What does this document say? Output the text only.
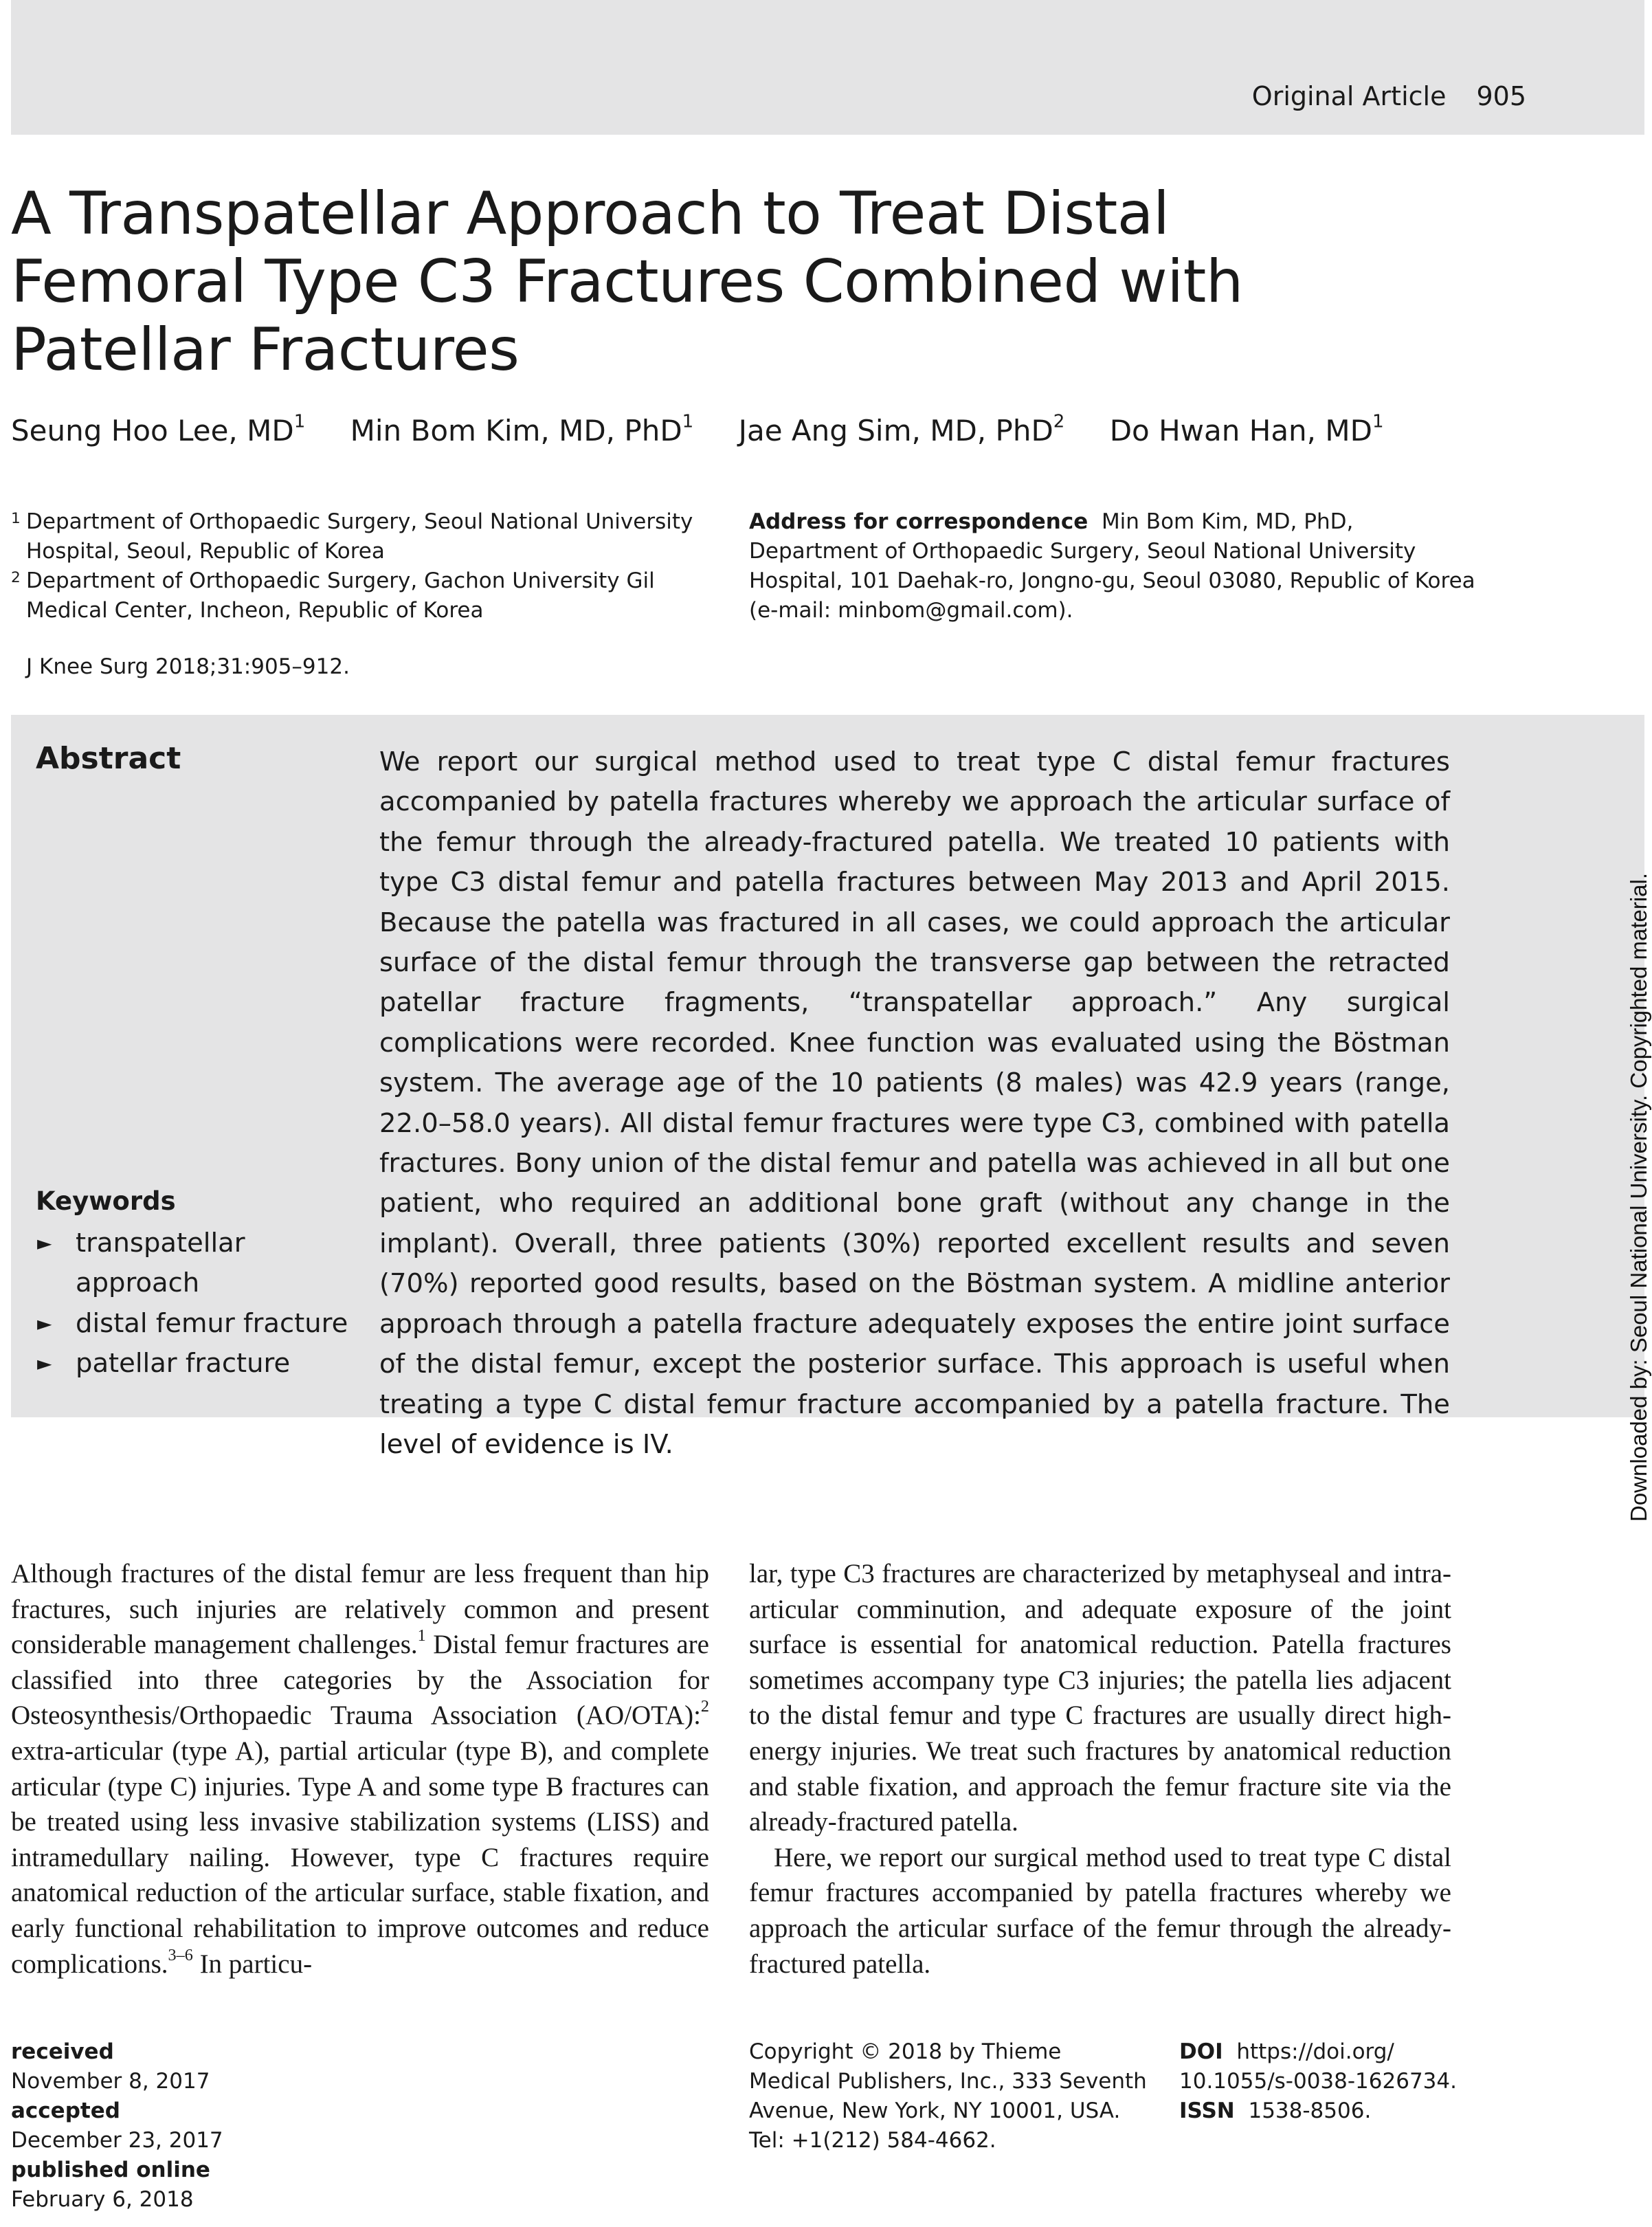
Original Article 905
A Transpatellar Approach to Treat Distal Femoral Type C3 Fractures Combined with Patellar Fractures
Seung Hoo Lee, $MD^1$ Min Bom Kim, MD, PhD$^1$ Jae Ang Sim, MD, PhD$^2$ Do Hwan Han, $MD^1$
1 Department of Orthopaedic Surgery, Seoul National University Hospital, Seoul, Republic of Korea
2 Department of Orthopaedic Surgery, Gachon University Gil Medical Center, Incheon, Republic of Korea
Address for correspondence Min Bom Kim, MD, PhD, Department of Orthopaedic Surgery, Seoul National University Hospital, 101 Daehak-ro, Jongno-gu, Seoul 03080, Republic of Korea (e-mail: minbom@gmail.com).
J Knee Surg 2018;31:905–912.
Abstract	We report our surgical method used to treat type C distal femur fractures accompanied by patella fractures whereby we approach the articular surface of the femur through the already-fractured patella. We treated 10 patients with type C3 distal femur and patella fractures between May 2013 and April 2015. Because the patella was fractured in all cases, we could approach the articular surface of the distal femur through the transverse gap between the retracted patellar fracture fragments, “transpatellar approach.” Any surgical complications were recorded. Knee function was evaluated using the Böstman system. The average age of the 10 patients (8 males) was 42.9 years (range, 22.0–58.0 years). All distal femur fractures were type C3, combined with patella fractures. Bony union of the distal femur and patella was achieved in all but one patient, who required an additional bone graft (without any change in the implant). Overall, three patients (30%) reported excellent results and seven (70%) reported good results, based on the Böstman system. A midline anterior approach through a patella fracture adequately exposes the entire joint surface of the distal femur, except the posterior surface. This approach is useful when treating a type C distal femur fracture accompanied by a patella fracture. The level of evidence is IV.
Keywords
► transpatellar approach
► distal femur fracture
► patellar fracture	Downloaded by: Seoul National University. Copyrighted material.

Although fractures of the distal femur are less frequent than hip fractures, such injuries are relatively common and present considerable management challenges.$^1$ Distal femur fractures are classified into three categories by the Association for Osteosynthesis/Orthopaedic Trauma Association (AO/OTA):$^2$ extra-articular (type A), partial articular (type B), and complete articular (type C) injuries. Type A and some type B fractures can be treated using less invasive stabilization systems (LISS) and intramedullary nailing. However, type C fractures require anatomical reduction of the articular surface, stable fixation, and early functional rehabilitation to improve outcomes and reduce complications.$^{3-6}$ In particu-

lar, type C3 fractures are characterized by metaphyseal and intra-articular comminution, and adequate exposure of the joint surface is essential for anatomical reduction. Patella fractures sometimes accompany type C3 injuries; the patella lies adjacent to the distal femur and type C fractures are usually direct high-energy injuries. We treat such fractures by anatomical reduction and stable fixation, and approach the femur fracture site via the already-fractured patella.

Here, we report our surgical method used to treat type C distal femur fractures accompanied by patella fractures whereby we approach the articular surface of the femur through the already-fractured patella.

received
November 8, 2017
accepted
December 23, 2017
published online
February 6, 2018
Copyright © 2018 by Thieme Medical Publishers, Inc., 333 Seventh Avenue, New York, NY 10001, USA. Tel: +1(212) 584-4662.
DOI https://doi.org/ 10.1055/s-0038-1626734.
ISSN 1538-8506.
